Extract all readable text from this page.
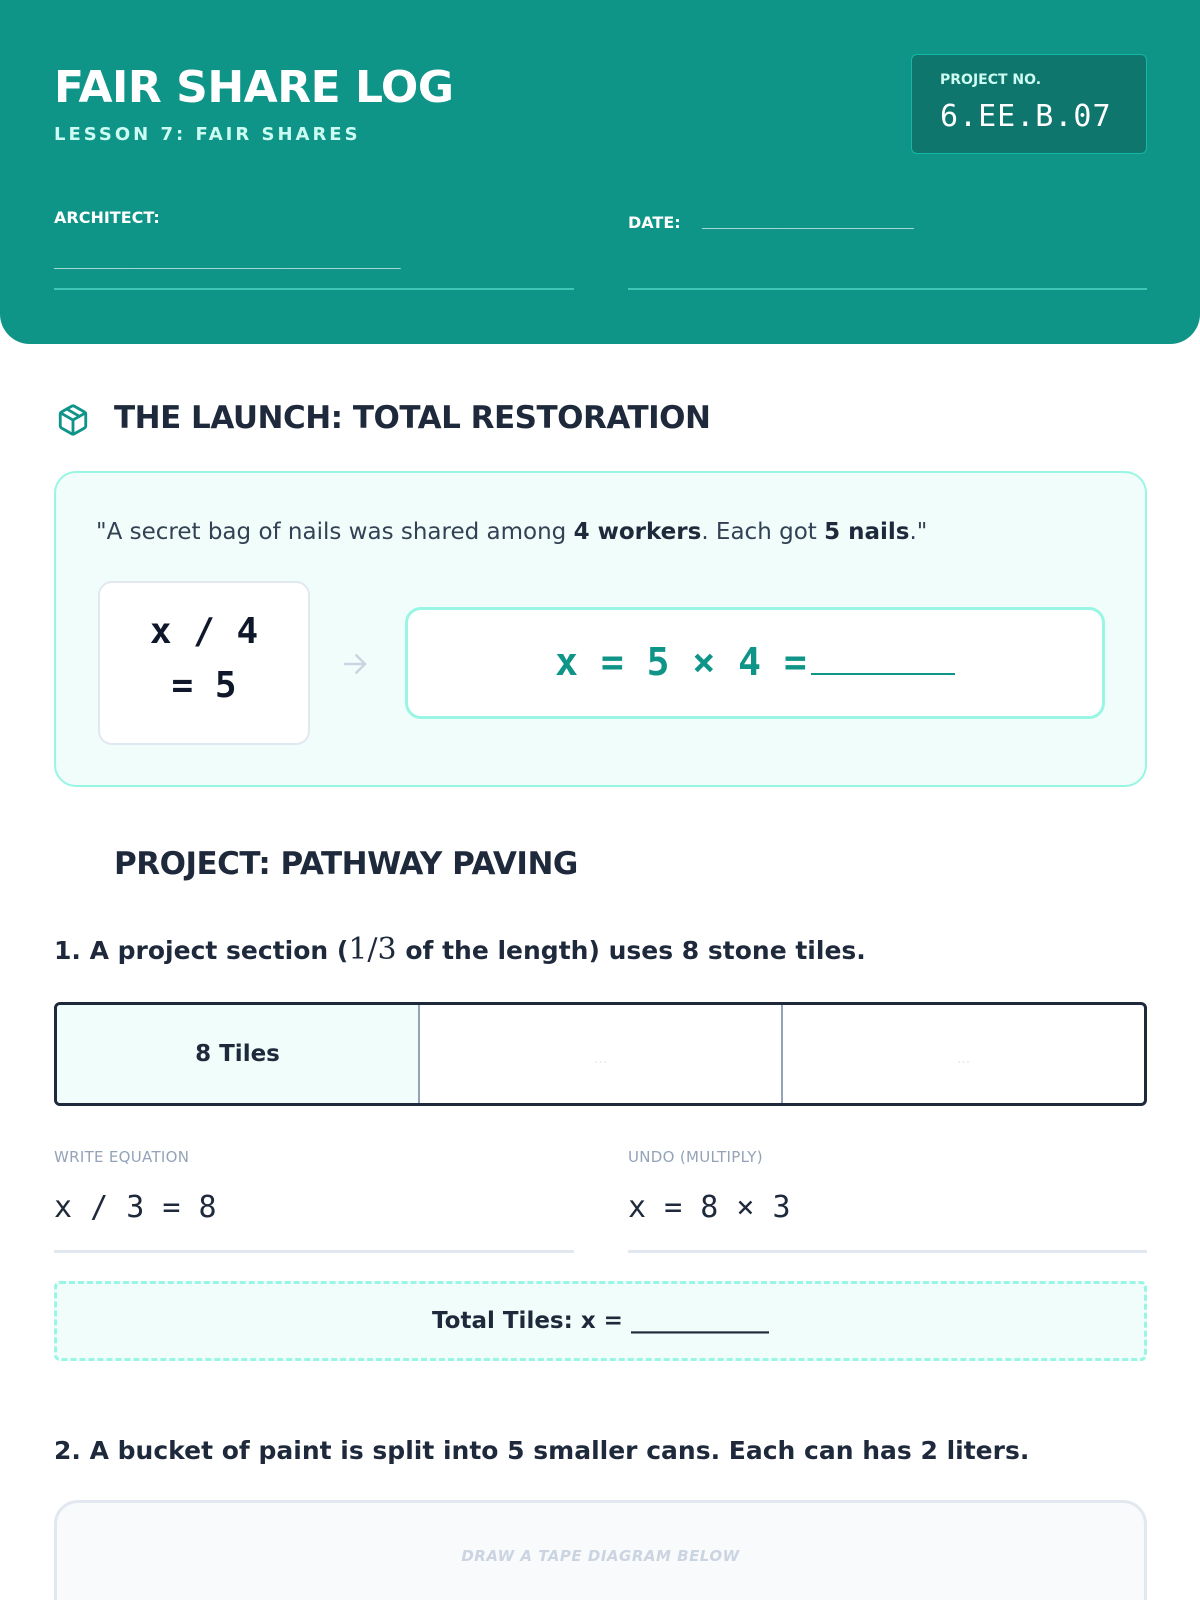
FAIR SHARE LOG
LESSON 7: FAIR SHARES
PROJECT NO.
6.EE.B.07
ARCHITECT:
____________________________________
DATE: ______________________
THE LAUNCH: TOTAL RESTORATION
"A secret bag of nails was shared among 4 workers. Each got 5 nails."
x / 4
= 5
x = 5 × 4 =
PROJECT: PATHWAY PAVING
1. A project section (1/3 of the length) uses 8 stone tiles.
8 Tiles	...	...
WRITE EQUATION
x / 3 = 8
UNDO (MULTIPLY)
x = 8 × 3
Total Tiles: x = ____________
2. A bucket of paint is split into 5 smaller cans. Each can has 2 liters.
DRAW A TAPE DIAGRAM BELOW
